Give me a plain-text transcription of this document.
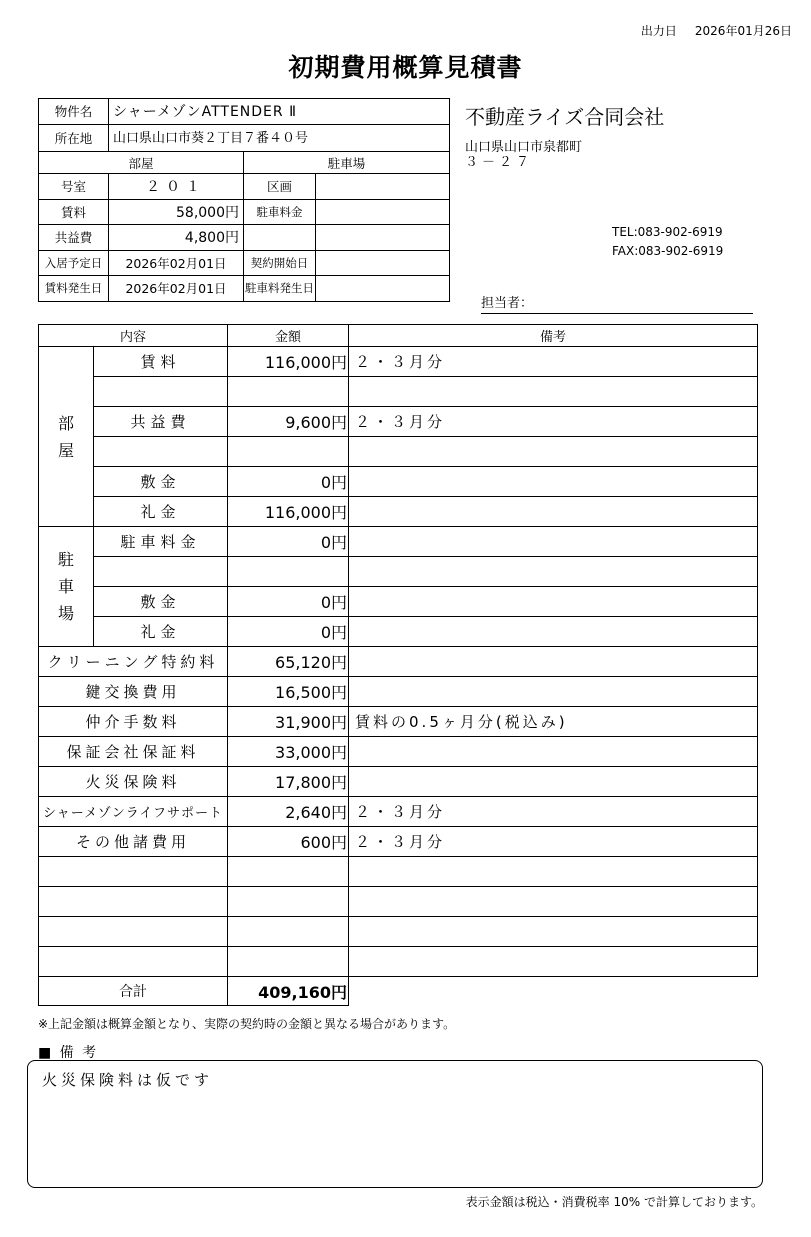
出力日 2026年01月26日
初期費用概算見積書
物件名	シャーメゾンATTENDER Ⅱ		
所在地	山口県山口市葵２丁目７番４０号		
部屋		駐車場	
号室	２０１	区画	
賃料	58,000円	駐車料金	
共益費	4,800円		
入居予定日	2026年02月01日	契約開始日	
賃料発生日	2026年02月01日	駐車料発生日	
不動産ライズ合同会社
山口県山口市泉都町
３－２７
TEL:083-902-6919
FAX:083-902-6919
担当者：
内容		金額	備考
部
屋	賃料	116,000円	２・３月分

	共益費	9,600円	２・３月分

	敷金	0円	
	礼金	116,000円	
駐
車
場	駐車料金	0円	

	敷金	0円	
	礼金	0円	
クリーニング特約料		65,120円	
鍵交換費用		16,500円	
仲介手数料		31,900円	賃料の0.5ヶ月分(税込み)
保証会社保証料		33,000円	
火災保険料		17,800円	
シャーメゾンライフサポート		2,640円	２・３月分
その他諸費用		600円	２・３月分

合計		409,160円	
※上記金額は概算金額となり、実際の契約時の金額と異なる場合があります。
■ 備 考
火災保険料は仮です
表示金額は税込・消費税率 10% で計算しております。
